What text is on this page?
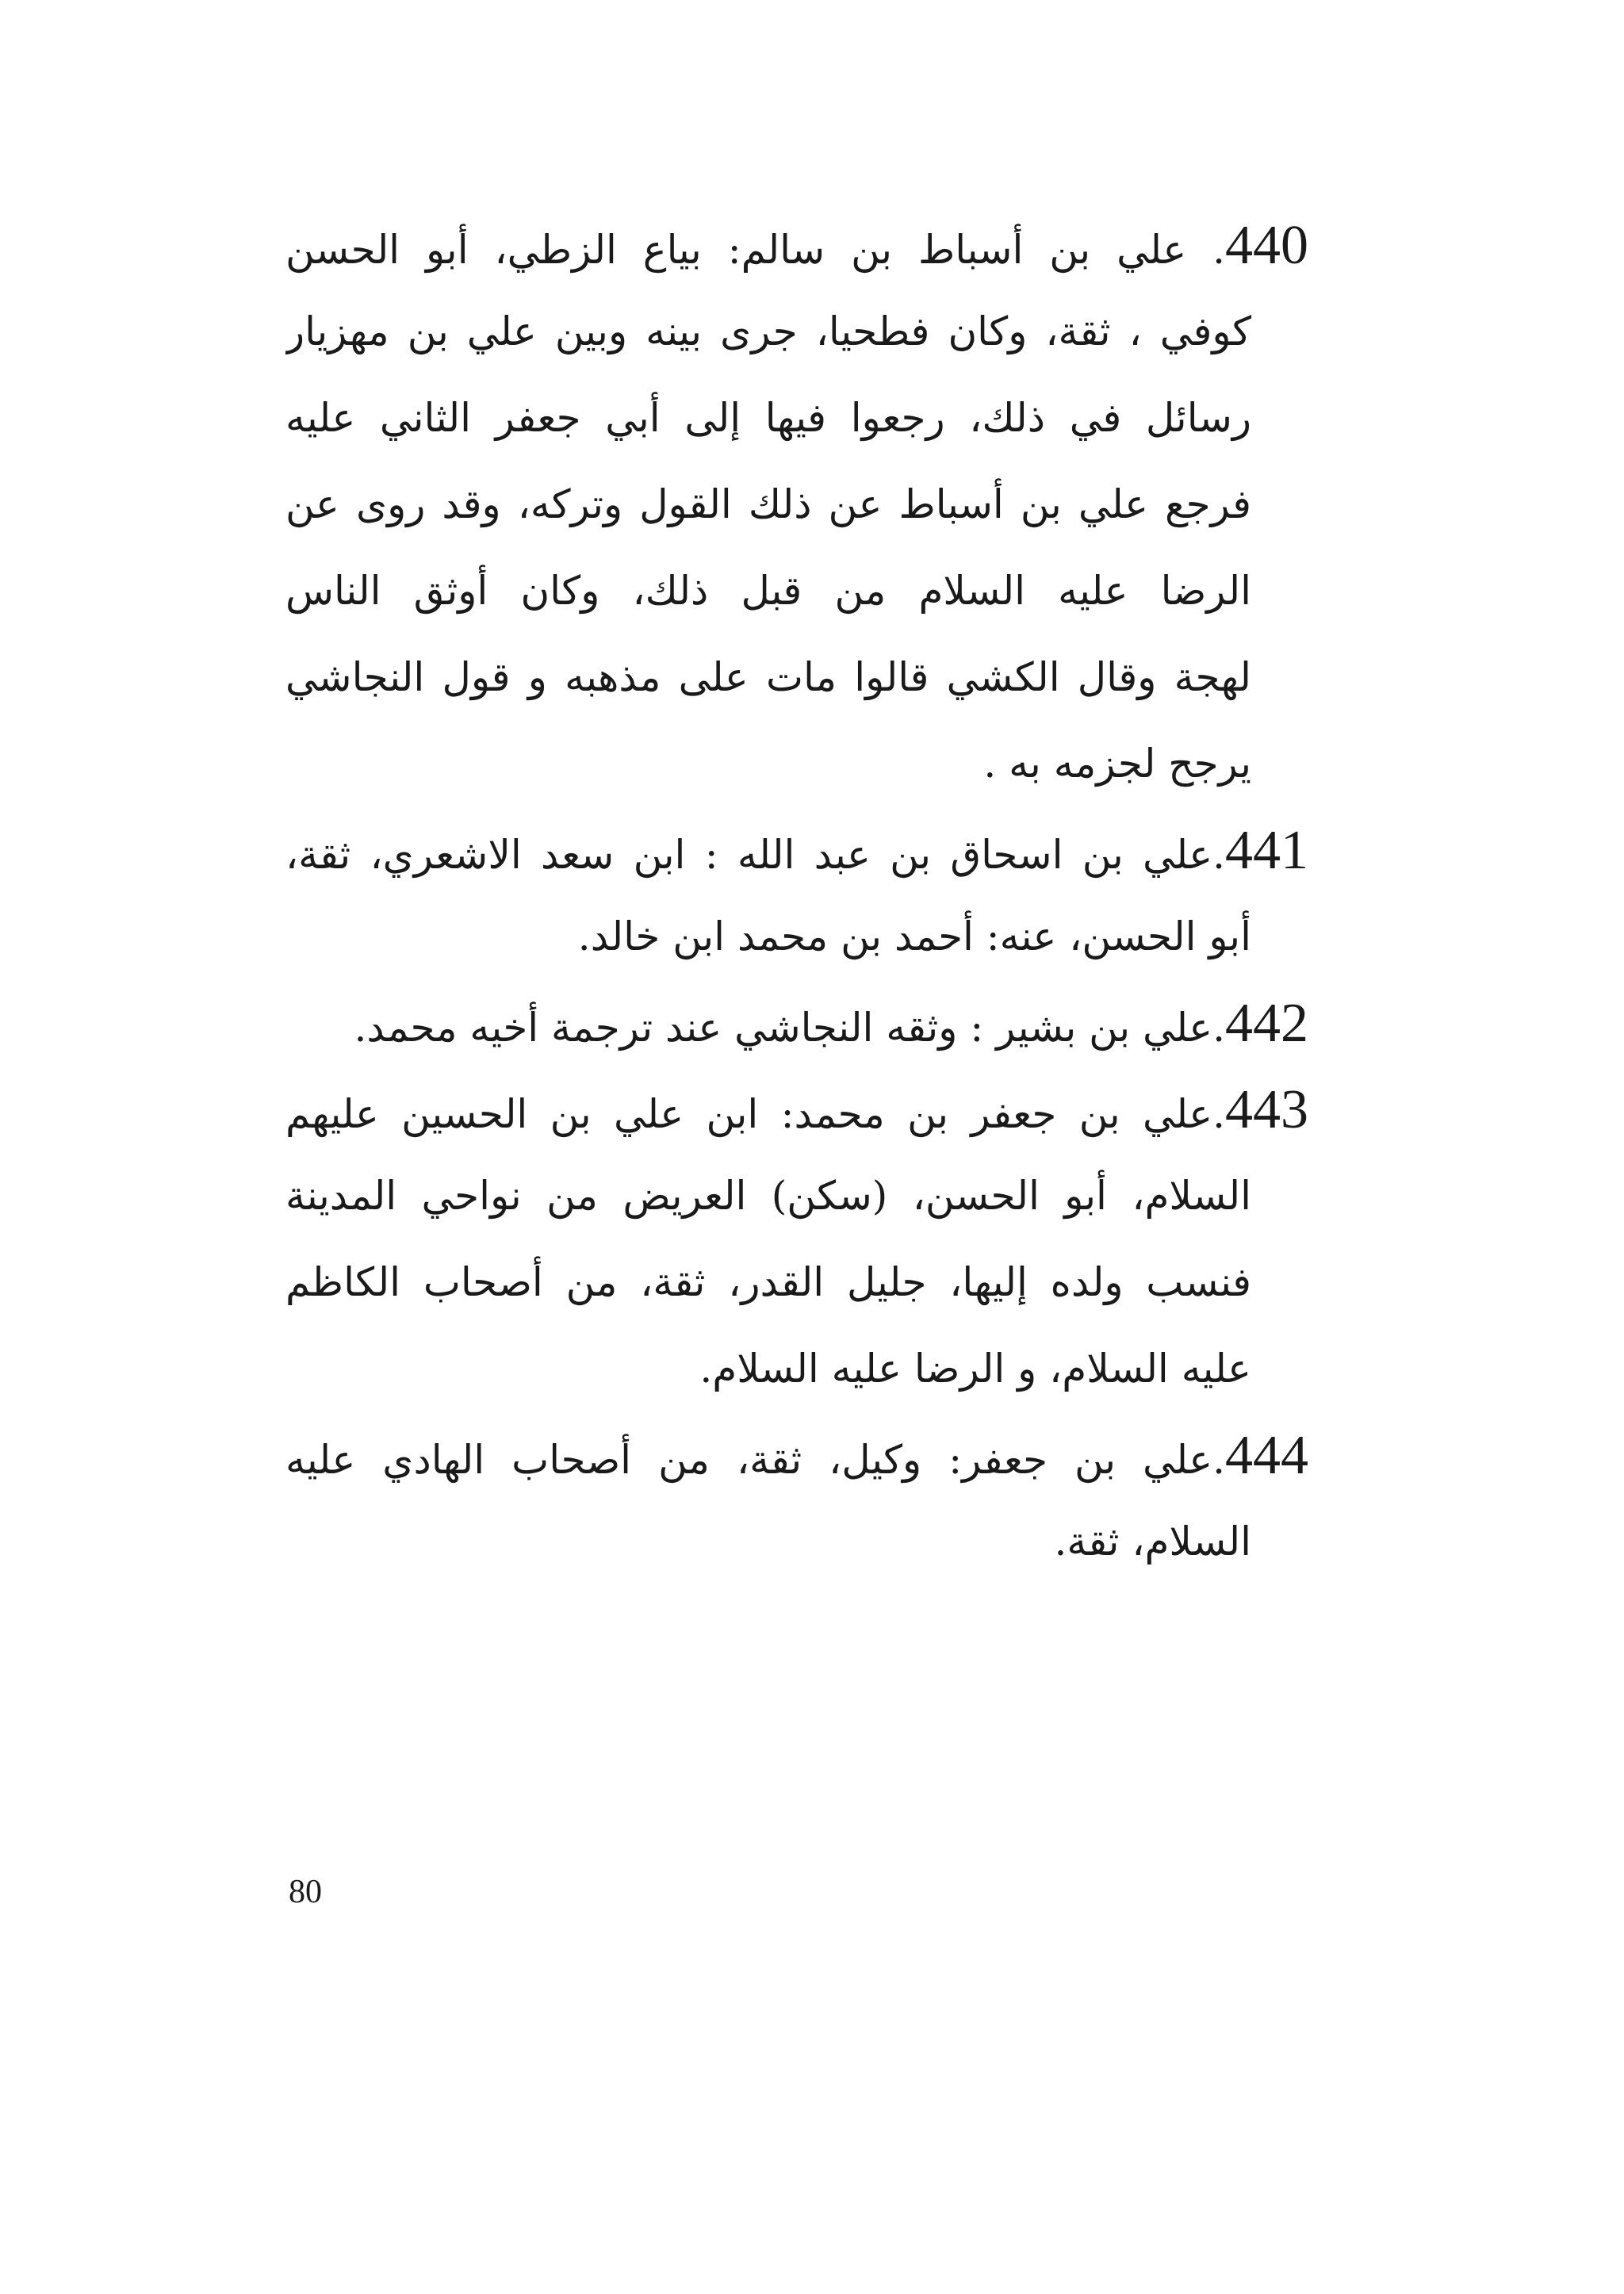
440. علي بن أسباط بن سالم: بياع الزطي، أبو الحسن
كوفي ، ثقة، وكان فطحيا، جرى بينه وبين علي بن مهزيار
رسائل في ذلك، رجعوا فيها إلى أبي جعفر الثاني عليه
فرجع علي بن أسباط عن ذلك القول وتركه، وقد روى عن
الرضا عليه السلام من قبل ذلك، وكان أوثق الناس
لهجة وقال الكشي قالوا مات على مذهبه و قول النجاشي
يرجح لجزمه به .
441.علي بن اسحاق بن عبد الله : ابن سعد الاشعري، ثقة،
أبو الحسن، عنه: أحمد بن محمد ابن خالد.
442.علي بن بشير : وثقه النجاشي عند ترجمة أخيه محمد.
443.علي بن جعفر بن محمد: ابن علي بن الحسين عليهم
السلام، أبو الحسن، (سكن) العريض من نواحي المدينة
فنسب ولده إليها، جليل القدر، ثقة، من أصحاب الكاظم
عليه السلام، و الرضا عليه السلام.
444.علي بن جعفر: وكيل، ثقة، من أصحاب الهادي عليه
السلام، ثقة.
80
